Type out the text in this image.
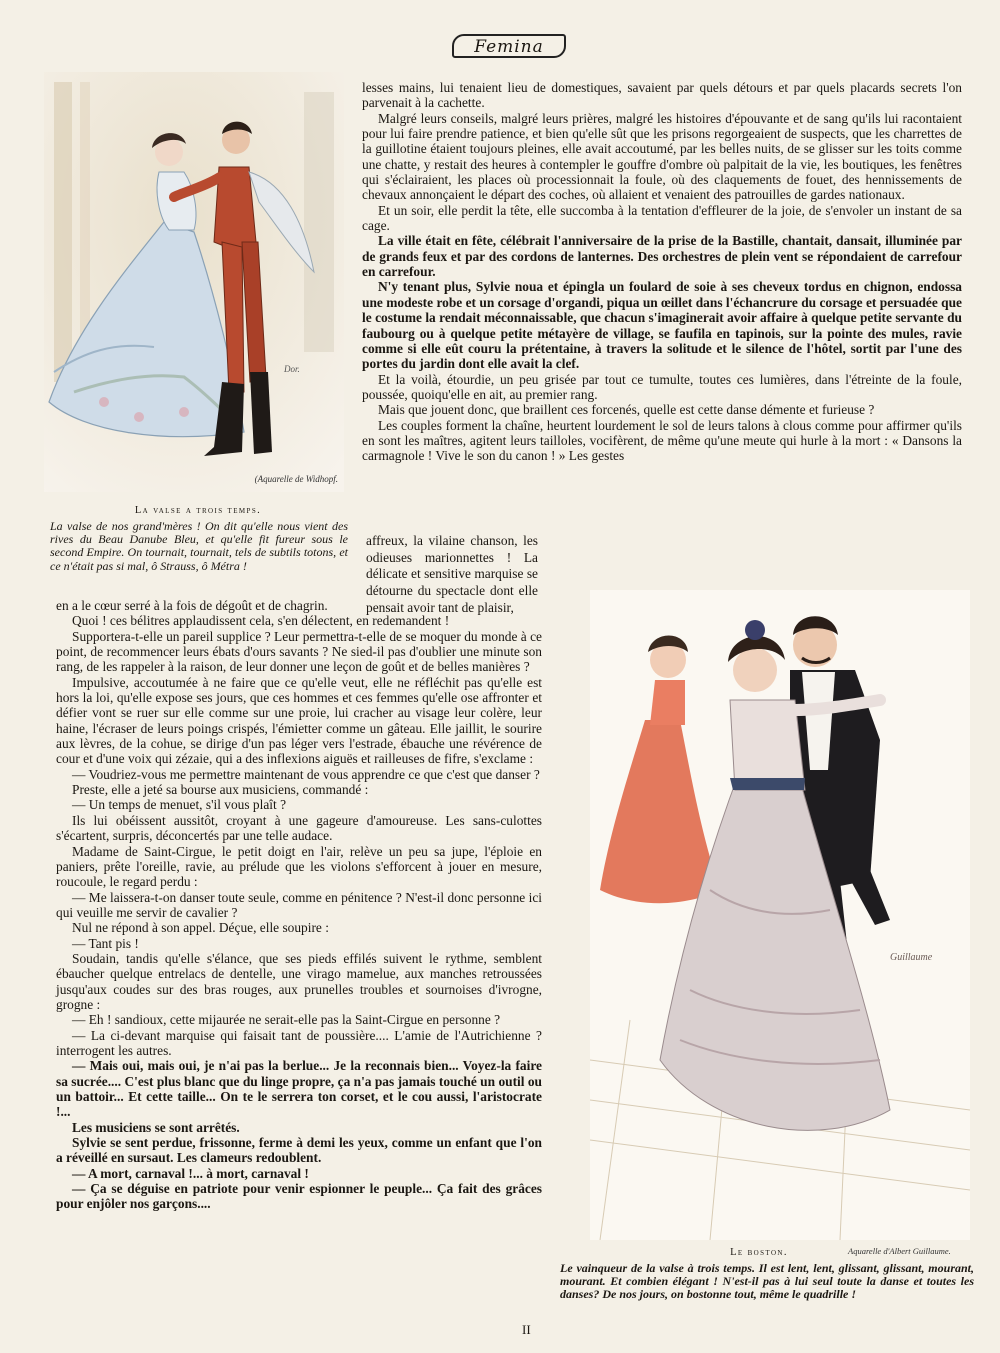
Femina
Dor.
(Aquarelle de Widhopf.
La valse a trois temps.

La valse de nos grand'mères ! On dit qu'elle nous vient des rives du Beau Danube Bleu, et qu'elle fit fureur sous le second Empire. On tournait, tournait, tels de subtils totons, et ce n'était pas si mal, ô Strauss, ô Métra !

lesses mains, lui tenaient lieu de domestiques, savaient par quels détours et par quels placards secrets l'on parvenait à la cachette.

Malgré leurs conseils, malgré leurs prières, malgré les histoires d'épouvante et de sang qu'ils lui racontaient pour lui faire prendre patience, et bien qu'elle sût que les prisons regorgeaient de suspects, que les charrettes de la guillotine étaient toujours pleines, elle avait accoutumé, par les belles nuits, de se glisser sur les toits comme une chatte, y restait des heures à contempler le gouffre d'ombre où palpitait de la vie, les boutiques, les fenêtres qui s'éclairaient, les places où processionnait la foule, où des claquements de fouet, des hennissements de chevaux annonçaient le départ des coches, où allaient et venaient des patrouilles de gardes nationaux.

Et un soir, elle perdit la tête, elle succomba à la tentation d'effleurer de la joie, de s'envoler un instant de sa cage.

La ville était en fête, célébrait l'anniversaire de la prise de la Bastille, chantait, dansait, illuminée par de grands feux et par des cordons de lanternes. Des orchestres de plein vent se répondaient de carrefour en carrefour.

N'y tenant plus, Sylvie noua et épingla un foulard de soie à ses cheveux tordus en chignon, endossa une modeste robe et un corsage d'organdi, piqua un œillet dans l'échancrure du corsage et persuadée que le costume la rendait méconnaissable, que chacun s'imaginerait avoir affaire à quelque petite servante du faubourg ou à quelque petite métayère de village, se faufila en tapinois, sur la pointe des mules, ravie comme si elle eût couru la prétentaine, à travers la solitude et le silence de l'hôtel, sortit par l'une des portes du jardin dont elle avait la clef.

Et la voilà, étourdie, un peu grisée par tout ce tumulte, toutes ces lumières, dans l'étreinte de la foule, poussée, quoiqu'elle en ait, au premier rang.

Mais que jouent donc, que braillent ces forcenés, quelle est cette danse démente et furieuse ?

Les couples forment la chaîne, heurtent lourdement le sol de leurs talons à clous comme pour affirmer qu'ils en sont les maîtres, agitent leurs tailloles, vocifèrent, de même qu'une meute qui hurle à la mort : « Dansons la carmagnole ! Vive le son du canon ! » Les gestes

affreux, la vilaine chanson, les odieuses marionnettes ! La délicate et sensitive marquise se détourne du spectacle dont elle pensait avoir tant de plaisir,

en a le cœur serré à la fois de dégoût et de chagrin.

Quoi ! ces bélitres applaudissent cela, s'en délectent, en redemandent !

Supportera-t-elle un pareil supplice ? Leur permettra-t-elle de se moquer du monde à ce point, de recommencer leurs ébats d'ours savants ? Ne sied-il pas d'oublier une minute son rang, de les rappeler à la raison, de leur donner une leçon de goût et de belles manières ?

Impulsive, accoutumée à ne faire que ce qu'elle veut, elle ne réfléchit pas qu'elle est hors la loi, qu'elle expose ses jours, que ces hommes et ces femmes qu'elle ose affronter et défier vont se ruer sur elle comme sur une proie, lui cracher au visage leur colère, leur haine, l'écraser de leurs poings crispés, l'émietter comme un gâteau. Elle jaillit, le sourire aux lèvres, de la cohue, se dirige d'un pas léger vers l'estrade, ébauche une révérence de cour et d'une voix qui zézaie, qui a des inflexions aiguës et railleuses de fifre, s'exclame :

— Voudriez-vous me permettre maintenant de vous apprendre ce que c'est que danser ?

Preste, elle a jeté sa bourse aux musiciens, commandé :

— Un temps de menuet, s'il vous plaît ?

Ils lui obéissent aussitôt, croyant à une gageure d'amoureuse. Les sans-culottes s'écartent, surpris, déconcertés par une telle audace.

Madame de Saint-Cirgue, le petit doigt en l'air, relève un peu sa jupe, l'éploie en paniers, prête l'oreille, ravie, au prélude que les violons s'efforcent à jouer en mesure, roucoule, le regard perdu :

— Me laissera-t-on danser toute seule, comme en pénitence ? N'est-il donc personne ici qui veuille me servir de cavalier ?

Nul ne répond à son appel. Déçue, elle soupire :

— Tant pis !

Soudain, tandis qu'elle s'élance, que ses pieds effilés suivent le rythme, semblent ébaucher quelque entrelacs de dentelle, une virago mamelue, aux manches retroussées jusqu'aux coudes sur des bras rouges, aux prunelles troubles et sournoises d'ivrogne, grogne :

— Eh ! sandioux, cette mijaurée ne serait-elle pas la Saint-Cirgue en personne ?

— La ci-devant marquise qui faisait tant de poussière.... L'amie de l'Autrichienne ? interrogent les autres.

— Mais oui, mais oui, je n'ai pas la berlue... Je la reconnais bien... Voyez-la faire sa sucrée.... C'est plus blanc que du linge propre, ça n'a pas jamais touché un outil ou un battoir... Et cette taille... On te le serrera ton corset, et le cou aussi, l'aristocrate !...

Les musiciens se sont arrêtés.

Sylvie se sent perdue, frissonne, ferme à demi les yeux, comme un enfant que l'on a réveillé en sursaut. Les clameurs redoublent.

— A mort, carnaval !... à mort, carnaval !

— Ça se déguise en patriote pour venir espionner le peuple... Ça fait des grâces pour enjôler nos garçons....

Guillaume
Le boston.	Aquarelle d'Albert Guillaume.

Le vainqueur de la valse à trois temps. Il est lent, lent, glissant, glissant, mourant, mourant. Et combien élégant ! N'est-il pas à lui seul toute la danse et toutes les danses? De nos jours, on bostonne tout, même le quadrille !

II
